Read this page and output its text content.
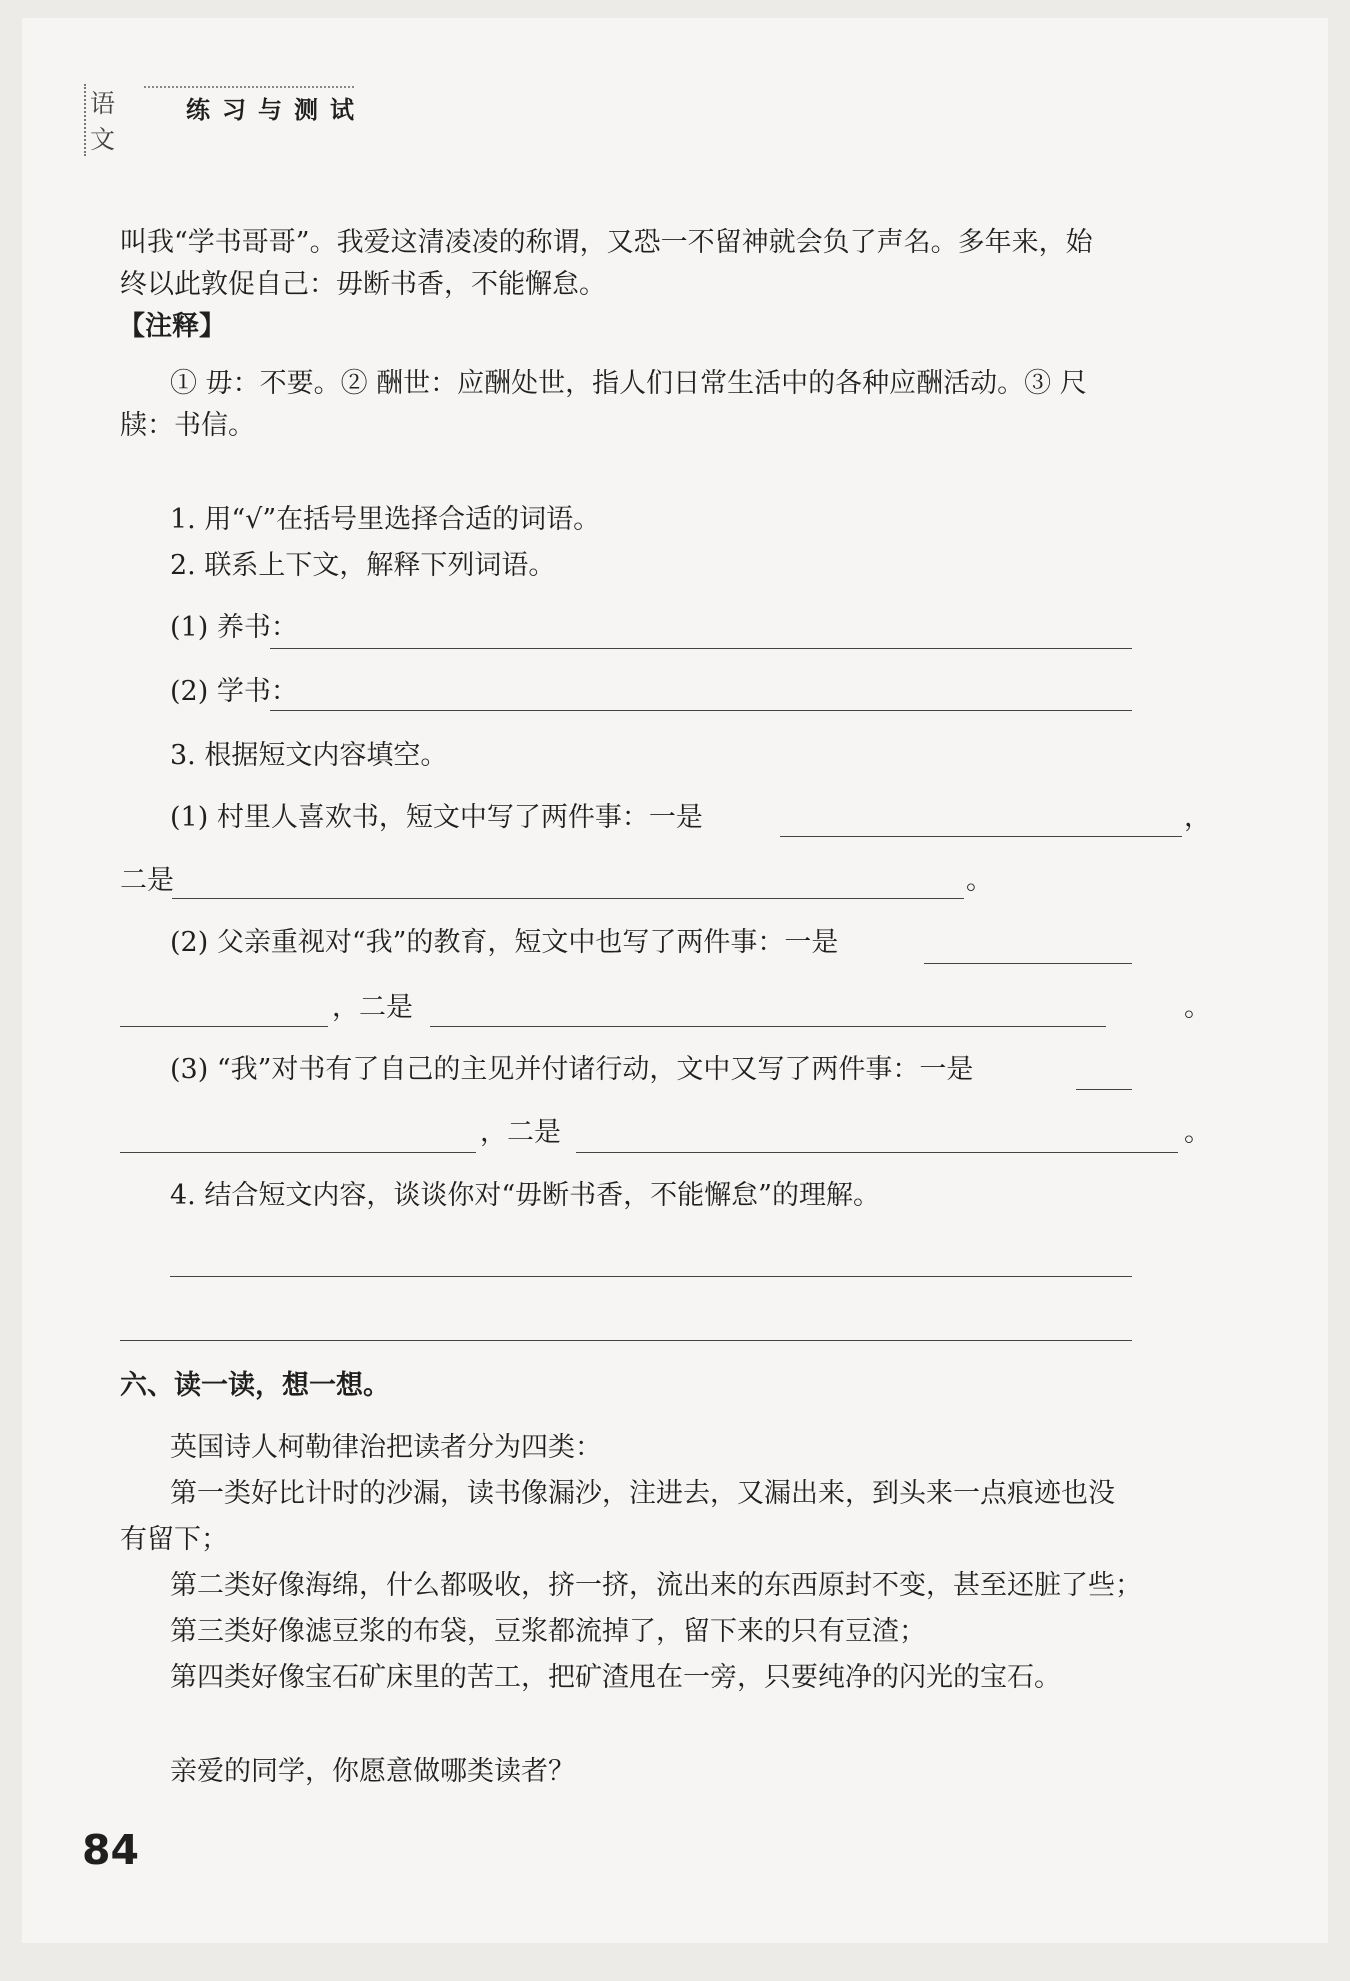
语文
练习与测试
叫我“学书哥哥”。我爱这清凌凌的称谓，又恐一不留神就会负了声名。多年来，始
终以此敦促自己：毋断书香，不能懈怠。
【注释】
① 毋：不要。② 酬世：应酬处世，指人们日常生活中的各种应酬活动。③ 尺
牍：书信。
1. 用“√”在括号里选择合适的词语。
2. 联系上下文，解释下列词语。
(1) 养书：
(2) 学书：
3. 根据短文内容填空。
(1) 村里人喜欢书，短文中写了两件事：一是	，
二是	。
(2) 父亲重视对“我”的教育，短文中也写了两件事：一是
，二是	。
(3) “我”对书有了自己的主见并付诸行动，文中又写了两件事：一是
，二是	。
4. 结合短文内容，谈谈你对“毋断书香，不能懈怠”的理解。
六、读一读，想一想。
英国诗人柯勒律治把读者分为四类：
第一类好比计时的沙漏，读书像漏沙，注进去，又漏出来，到头来一点痕迹也没
有留下；
第二类好像海绵，什么都吸收，挤一挤，流出来的东西原封不变，甚至还脏了些；
第三类好像滤豆浆的布袋，豆浆都流掉了，留下来的只有豆渣；
第四类好像宝石矿床里的苦工，把矿渣甩在一旁，只要纯净的闪光的宝石。
亲爱的同学，你愿意做哪类读者？
84
